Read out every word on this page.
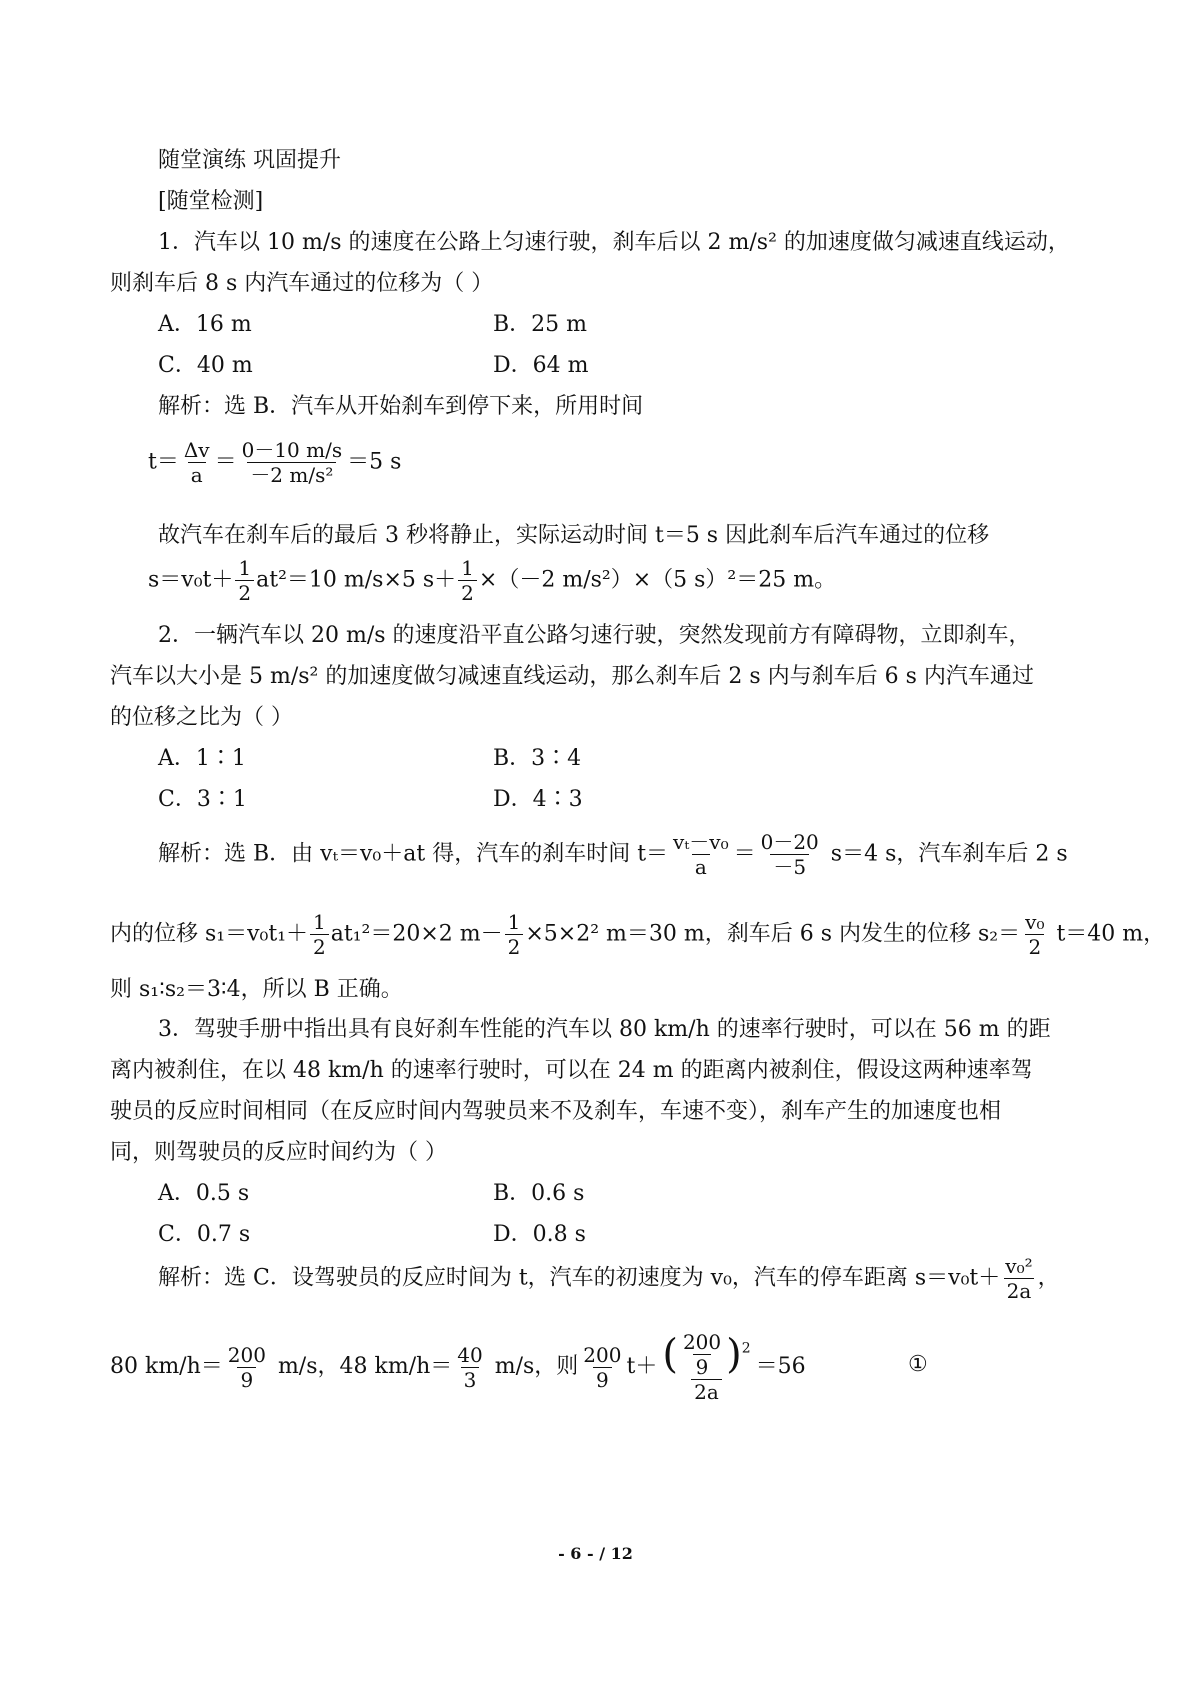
随堂演练 巩固提升
[随堂检测]
1．汽车以 10 m/s 的速度在公路上匀速行驶，刹车后以 2 m/s² 的加速度做匀减速直线运动，
则刹车后 8 s 内汽车通过的位移为（ ）
A．16 m	B．25 m
C．40 m	D．64 m
解析：选 B．汽车从开始刹车到停下来，所用时间
$t= \frac{\Delta v}{a} = \frac{0-10 m/s}{\text{－2 m/s²}} =5$ s
故汽车在刹车后的最后 3 秒将静止，实际运动时间 t＝5 s 因此刹车后汽车通过的位移
$s=v_0t+ \frac{1}{2} at^2=10$ m/s×5 $s+ \frac{1}{2} \times(-2$ m/s²）×（5 s）²＝25 m。
2．一辆汽车以 20 m/s 的速度沿平直公路匀速行驶，突然发现前方有障碍物，立即刹车，
汽车以大小是 5 m/s² 的加速度做匀减速直线运动，那么刹车后 2 s 内与刹车后 6 s 内汽车通过
的位移之比为（ ）
A．1∶1	B．3∶4
C．3∶1	D．4∶3
解析：选 B．由 vₜ＝v₀＋at 得，汽车的刹车时间 $t= \frac{\text{vₜ－v₀}}{a} = \frac{0-20}{-5} s=4$ s，汽车刹车后 2 s
内的位移 $s_1=v_0t_1+ \frac{1}{2} at_1^2=20\times 2$ $m- \frac{1}{2} \times 5\times 2^2$ m＝30 m，刹车后 6 s 内发生的位移 $s_2= \frac{\text{v₀}}{2} t=40$ m，
则 s₁∶s₂＝3∶4，所以 B 正确。
3．驾驶手册中指出具有良好刹车性能的汽车以 80 km/h 的速率行驶时，可以在 56 m 的距
离内被刹住，在以 48 km/h 的速率行驶时，可以在 24 m 的距离内被刹住，假设这两种速率驾
驶员的反应时间相同（在反应时间内驾驶员来不及刹车，车速不变），刹车产生的加速度也相
同，则驾驶员的反应时间约为（ ）
A．0.5 s	B．0.6 s
C．0.7 s	D．0.8 s
解析：选 C．设驾驶员的反应时间为 t，汽车的初速度为 v₀，汽车的停车距离 $s=v_0t+ \frac{\text{v₀²}}{2a}$ ，
80 $km/h= \frac{200}{9} m/s$，48 $km/h= \frac{40}{3} m/s$，则 $\frac{200}{9} t+ \frac{( \frac{200}{9} )^2}{2a} =56$	①
- 6 - / 12
